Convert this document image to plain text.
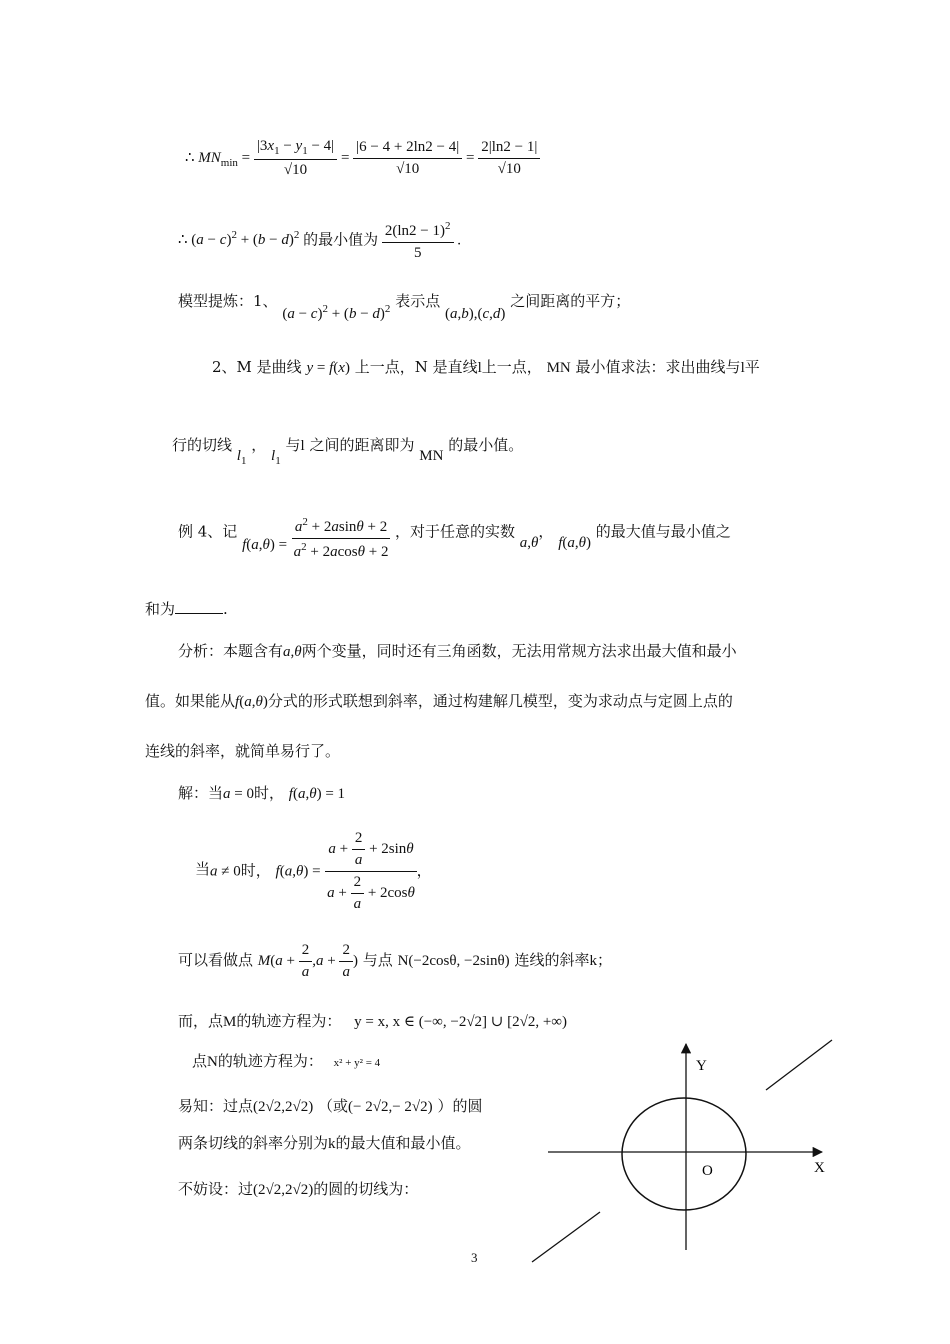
∴ $MN_{min} = \frac{|3x_1 - y_1 - 4|}{√10} = \frac{|6 - 4 + 2\ln 2 - 4|}{√10} = \frac{2|\ln 2 - 1|}{√10}$
∴ $(a - c)^2 + (b - d)^2$ 的最小值为 $\frac{2(\ln 2 - 1)^2}{5}$ .
模型提炼：1、 $(a - c)^2 + (b - d)^2$ 表示点 (a,b),(c,d) 之间距离的平方；
2、M 是曲线 y = f(x) 上一点，N 是直线l上一点， MN 最小值求法：求出曲线与l平
行的切线 $l_1$ ， $l_1$ 与l 之间的距离即为 MN 的最小值。
例 4、记 $f(a,\theta) = \frac{a^2 + 2asin\theta + 2}{a^2 + 2acos\theta + 2}$ ，对于任意的实数 a,θ， f(a,θ) 的最大值与最小值之
和为	.
分析：本题含有a,θ两个变量，同时还有三角函数，无法用常规方法求出最大值和最小
值。如果能从f(a,θ)分式的形式联想到斜率，通过构建解几模型，变为求动点与定圆上点的
连线的斜率，就简单易行了。
解：当a = 0时， f(a,θ) = 1
当a ≠ 0时， $f(a,\theta) = \frac{a + \frac{2}{a} + 2\sin\theta}{a + \frac{2}{a} + 2\cos\theta}$ ，
可以看做点 $M(a + \frac{2}{a} ,a + \frac{2}{a}$ ) 与点 N(−2cosθ, −2sinθ) 连线的斜率k；
而，点M的轨迹方程为： y = x, x ∈ (−∞, −2√2] ∪ [2√2, +∞)
点N的轨迹方程为： x² + y² = 4
易知：过点(2√2,2√2) （或(− 2√2,− 2√2) ）的圆
两条切线的斜率分别为k的最大值和最小值。
不妨设：过(2√2,2√2)的圆的切线为：
Y
X
O
3
